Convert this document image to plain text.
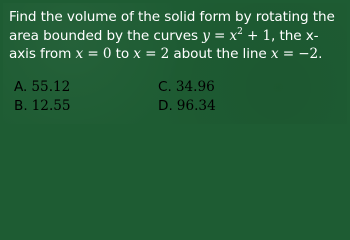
Find the volume of the solid form by rotating the
area bounded by the curves $y = x^2 + 1$, the x-
axis from x = 0 to x = 2 about the line x = −2.
A. 55.12
B. 12.55
C. 34.96
D. 96.34
